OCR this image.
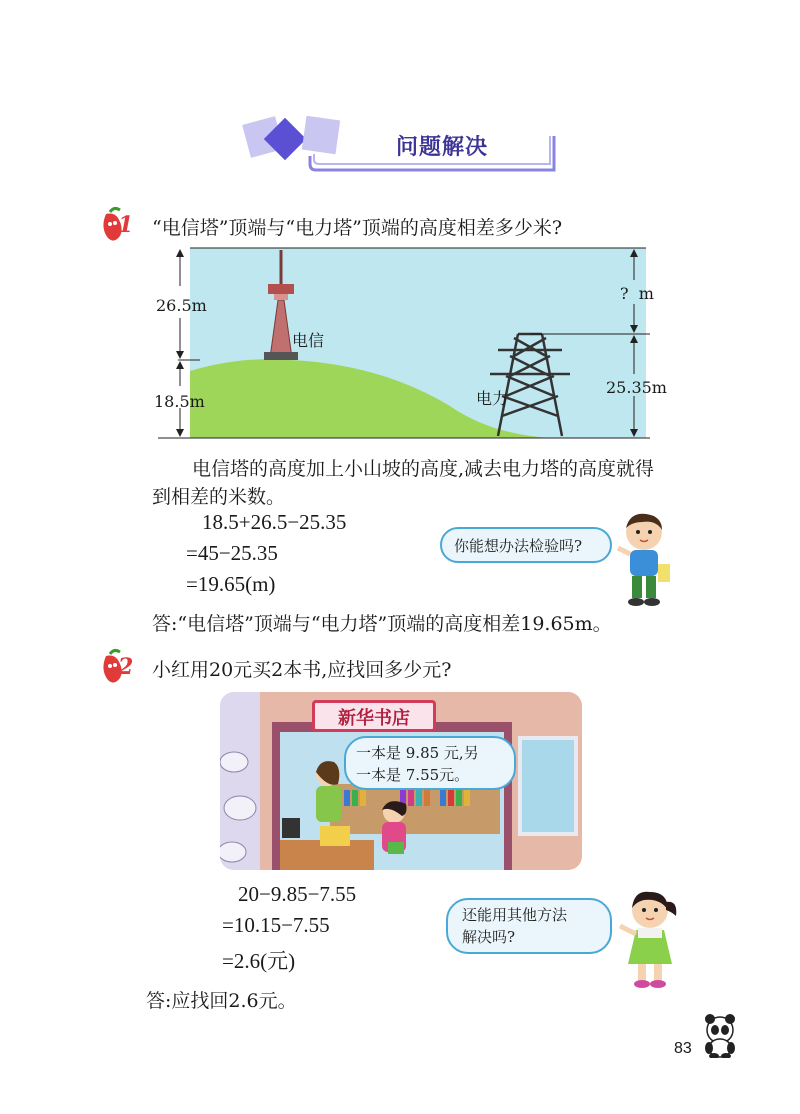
问题解决
1 “电信塔”顶端与“电力塔”顶端的高度相差多少米?
26.5m
18.5m
电信
电力
?  m
25.35m
电信塔的高度加上小山坡的高度,减去电力塔的高度就得
到相差的米数。
18.5+26.5−25.35
=45−25.35
=19.65(m)
你能想办法检验吗?
答:“电信塔”顶端与“电力塔”顶端的高度相差19.65m。
2 小红用20元买2本书,应找回多少元?
新华书店
一本是 9.85 元,另
一本是 7.55元。
20−9.85−7.55
=10.15−7.55
=2.6(元)
还能用其他方法
解决吗?
答:应找回2.6元。
83
